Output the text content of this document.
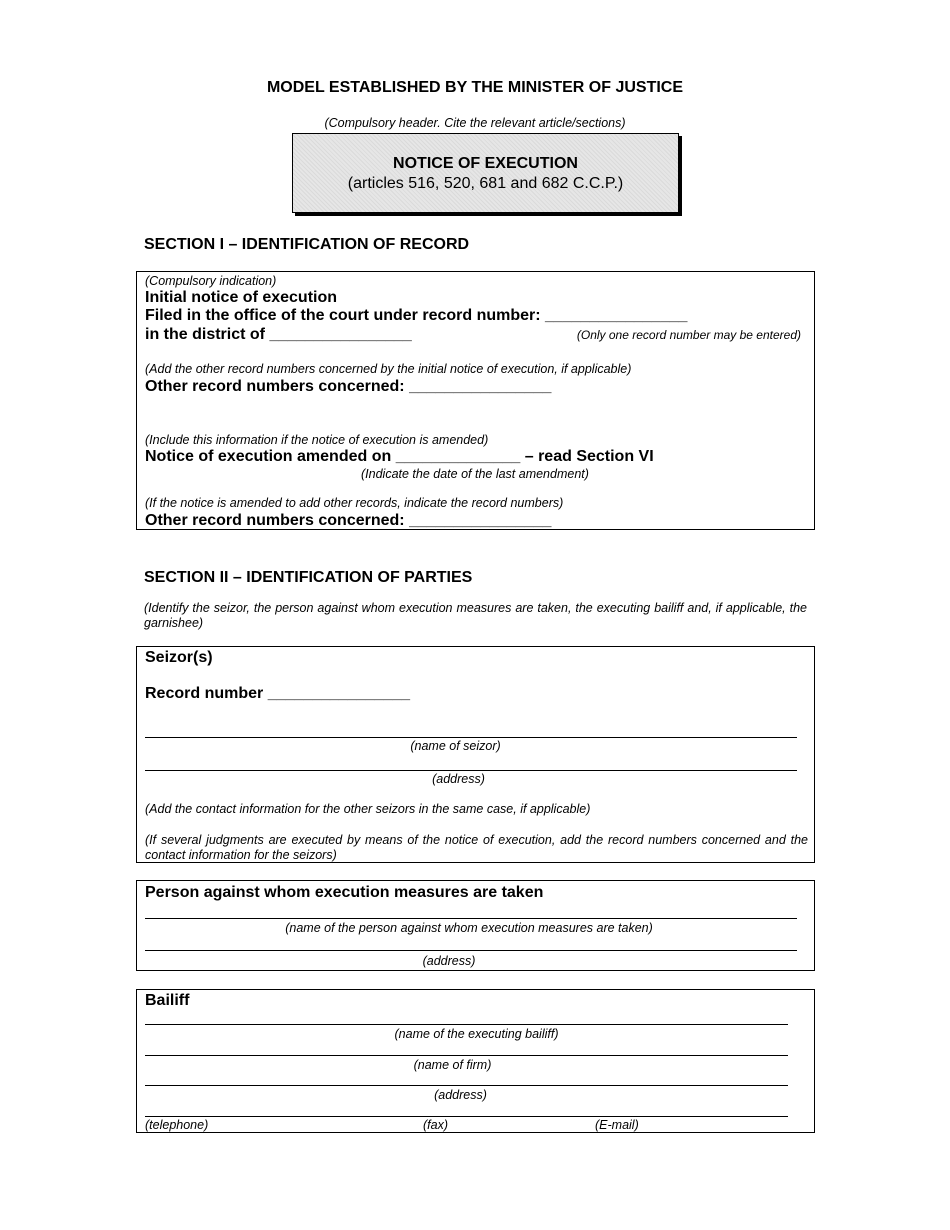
MODEL ESTABLISHED BY THE MINISTER OF JUSTICE
(Compulsory header. Cite the relevant article/sections)
NOTICE OF EXECUTION
(articles 516, 520, 681 and 682 C.C.P.)
SECTION I – IDENTIFICATION OF RECORD
(Compulsory indication)
Initial notice of execution
Filed in the office of the court under record number: ________________
in the district of ________________	(Only one record number may be entered)
(Add the other record numbers concerned by the initial notice of execution, if applicable)
Other record numbers concerned: ________________
(Include this information if the notice of execution is amended)
Notice of execution amended on ______________ – read Section VI
(Indicate the date of the last amendment)
(If the notice is amended to add other records, indicate the record numbers)
Other record numbers concerned: ________________
SECTION II – IDENTIFICATION OF PARTIES
(Identify the seizor, the person against whom execution measures are taken, the executing bailiff and, if applicable, the garnishee)
Seizor(s)
Record number ________________
(name of seizor)
(address)
(Add the contact information for the other seizors in the same case, if applicable)
(If several judgments are executed by means of the notice of execution, add the record numbers concerned and the contact information for the seizors)
Person against whom execution measures are taken
(name of the person against whom execution measures are taken)
(address)
Bailiff
(name of the executing bailiff)
(name of firm)
(address)
(telephone)	(fax)	(E-mail)
